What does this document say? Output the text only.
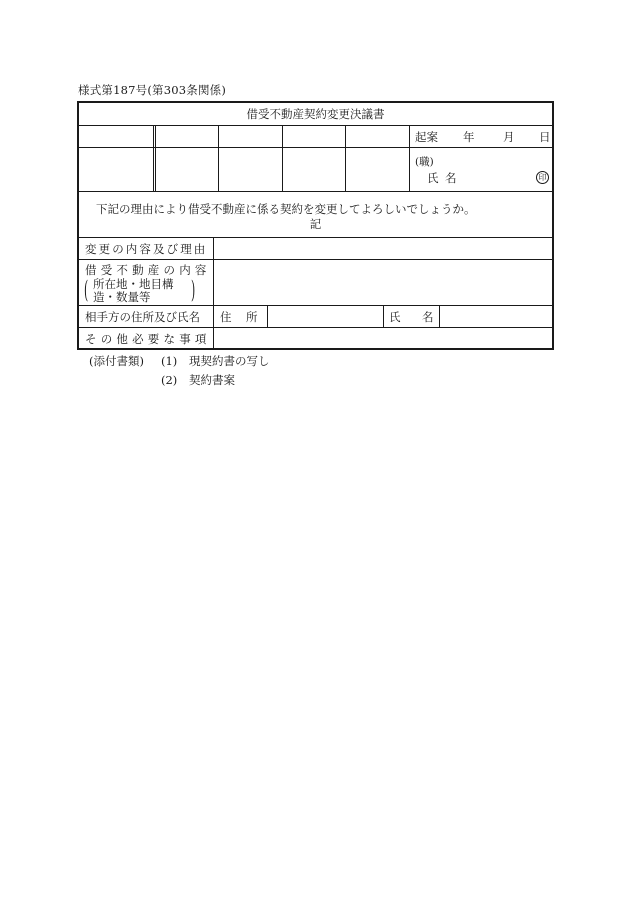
様式第187号(第303条関係)
借受不動産契約変更決議書
起案 年 月 日
(職)
氏 名	印
下記の理由により借受不動産に係る契約を変更してよろしいでしょうか。
記
変更の内容及び理由
借受不動産の内容
( 所在地・地目構
造・数量等 )
相手方の住所及び氏名 住 所	氏 名
その他必要な事項
(添付書類) (1) 現契約書の写し
(2) 契約書案
